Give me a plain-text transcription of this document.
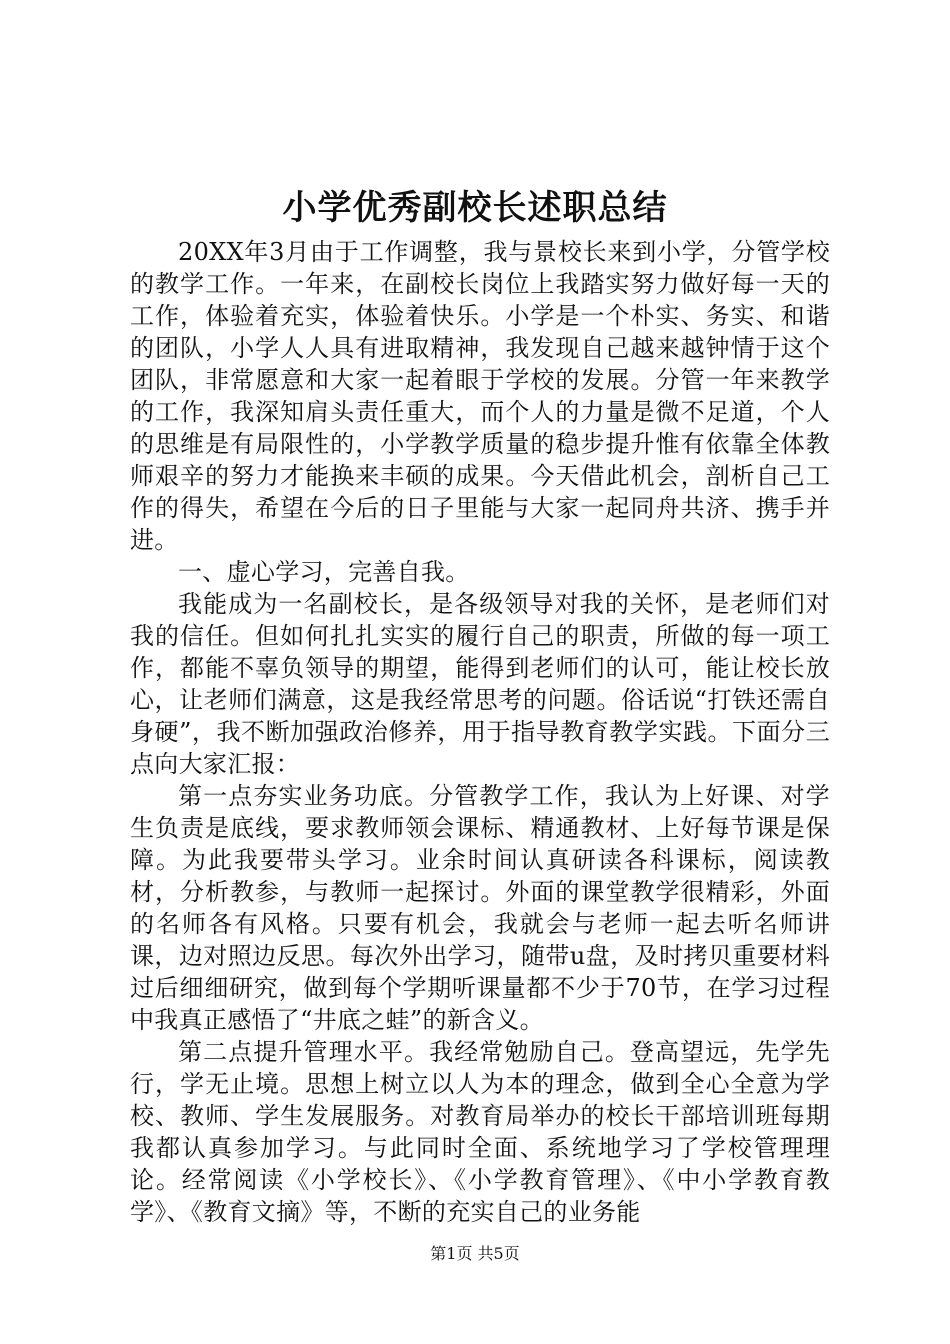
小学优秀副校长述职总结

20XX年3月由于工作调整，我与景校长来到小学，分管学校的教学工作。一年来，在副校长岗位上我踏实努力做好每一天的工作，体验着充实，体验着快乐。小学是一个朴实、务实、和谐的团队，小学人人具有进取精神，我发现自己越来越钟情于这个团队，非常愿意和大家一起着眼于学校的发展。分管一年来教学的工作，我深知肩头责任重大，而个人的力量是微不足道，个人的思维是有局限性的，小学教学质量的稳步提升惟有依靠全体教师艰辛的努力才能换来丰硕的成果。今天借此机会，剖析自己工作的得失，希望在今后的日子里能与大家一起同舟共济、携手并进。

一、虚心学习，完善自我。

我能成为一名副校长，是各级领导对我的关怀，是老师们对我的信任。但如何扎扎实实的履行自己的职责，所做的每一项工作，都能不辜负领导的期望，能得到老师们的认可，能让校长放心，让老师们满意，这是我经常思考的问题。俗话说“打铁还需自身硬”，我不断加强政治修养，用于指导教育教学实践。下面分三点向大家汇报：

第一点夯实业务功底。分管教学工作，我认为上好课、对学生负责是底线，要求教师领会课标、精通教材、上好每节课是保障。为此我要带头学习。业余时间认真研读各科课标，阅读教材，分析教参，与教师一起探讨。外面的课堂教学很精彩，外面的名师各有风格。只要有机会，我就会与老师一起去听名师讲课，边对照边反思。每次外出学习，随带u盘，及时拷贝重要材料过后细细研究，做到每个学期听课量都不少于70节，在学习过程中我真正感悟了“井底之蛙”的新含义。

第二点提升管理水平。我经常勉励自己。登高望远，先学先行，学无止境。思想上树立以人为本的理念，做到全心全意为学校、教师、学生发展服务。对教育局举办的校长干部培训班每期我都认真参加学习。与此同时全面、系统地学习了学校管理理论。经常阅读《小学校长》、《小学教育管理》、《中小学教育教学》、《教育文摘》等，不断的充实自己的业务能

第1页 共5页
